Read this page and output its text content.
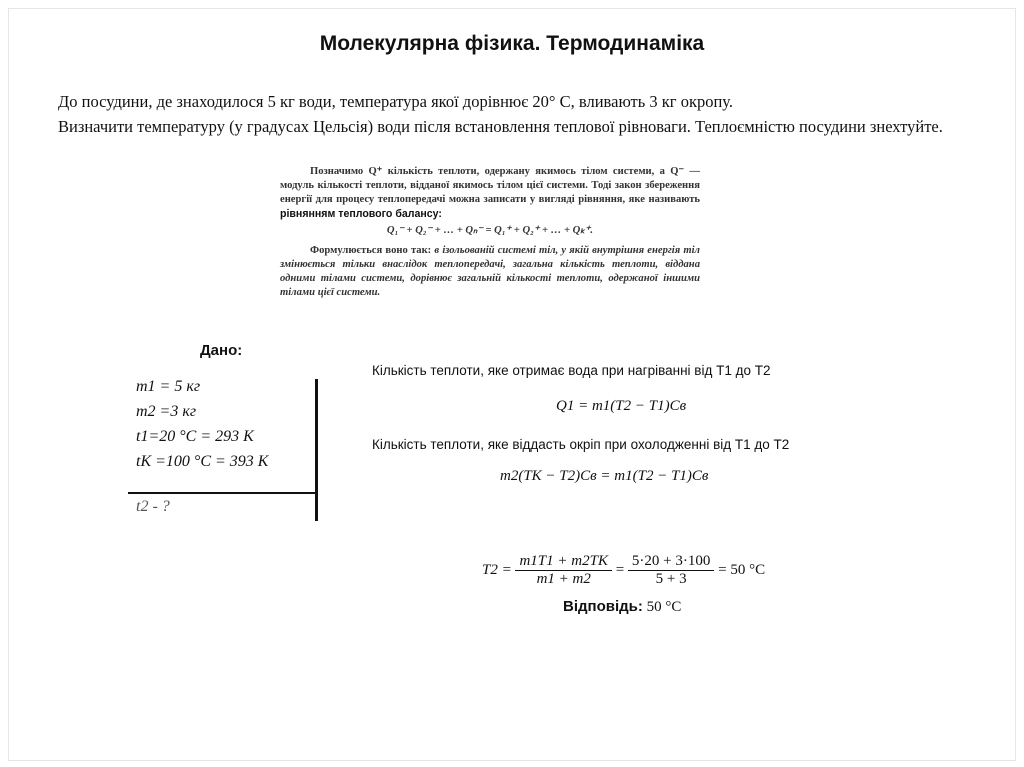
Молекулярна фізика. Термодинаміка
До посудини, де знаходилося 5 кг води, температура якої дорівнює 20° С, вливають 3 кг окропу.
Визначити температуру (у градусах Цельсія) води після встановлення теплової рівноваги. Теплоємністю посудини знехтуйте.

Позначимо Q⁺ кількість теплоти, одержану якимось тілом системи, а Q⁻ — модуль кількості теплоти, відданої якимось тілом цієї системи. Тоді закон збереження енергії для процесу теплопередачі можна записати у вигляді рівняння, яке називають рівнянням теплового балансу:

Q₁⁻ + Q₂⁻ + … + Qₙ⁻ = Q₁⁺ + Q₂⁺ + … + Qₖ⁺.

Формулюється воно так: в ізольованій системі тіл, у якій внутрішня енергія тіл змінюється тільки внаслідок теплопередачі, загальна кількість теплоти, віддана одними тілами системи, дорівнює загальній кількості теплоти, одержаної іншими тілами цієї системи.

Дано:
m1 = 5 кг
m2 =3 кг
t1=20 °C = 293 K
tK =100 °C = 393 K
t2 - ?
Кількість теплоти, яке отримає вода при нагріванні від T1 до T2
Q1 = m1(T2 − T1)Cв
Кількість теплоти, яке віддасть окріп при охолодженні від T1 до T2
m2(TK − T2)Cв = m1(T2 − T1)Cв
$T2 = \frac{m1T1 + m2TK}{m1 + m2} = \frac{5\cdot 20 + 3\cdot 100}{5 + 3} = 50$ °C
Відповідь: 50 °C
